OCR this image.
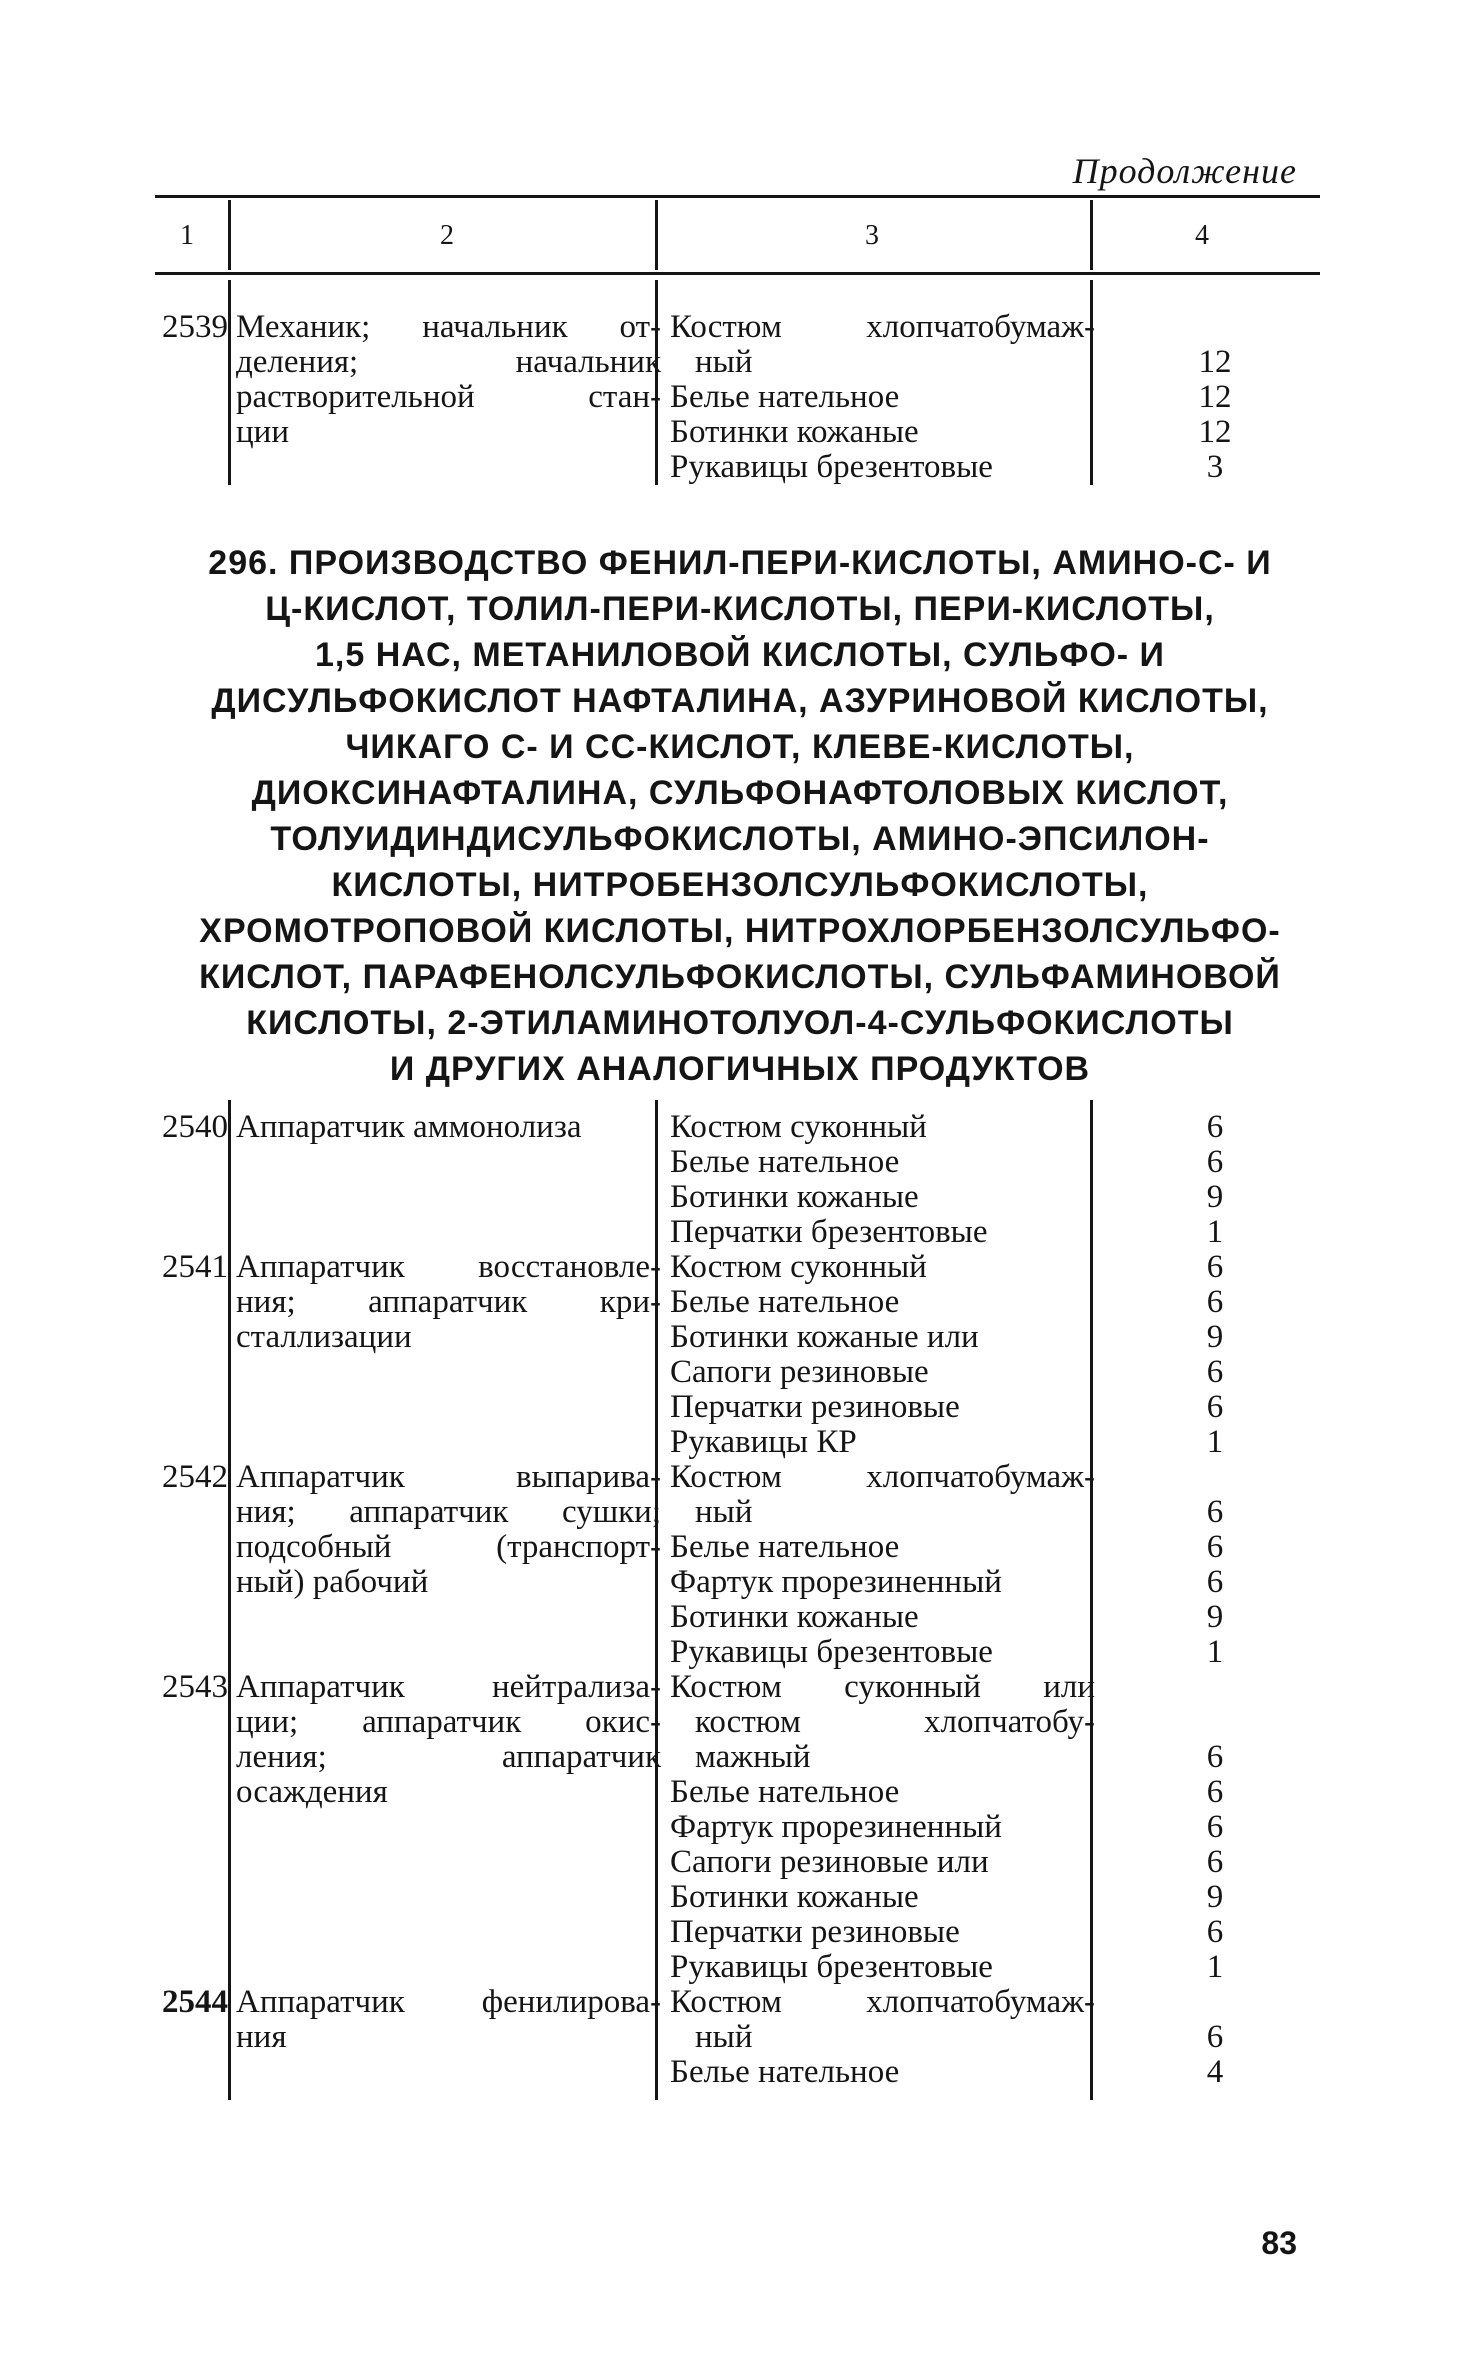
Продолжение
1	2	3	4
2539 Механик; начальник от-
деления; начальник
растворительной стан-
ции
Костюм хлопчатобумаж-
ный	12
Белье нательное	12
Ботинки кожаные	12
Рукавицы брезентовые	3
296. ПРОИЗВОДСТВО ФЕНИЛ-ПЕРИ-КИСЛОТЫ, АМИНО-С- И
Ц-КИСЛОТ, ТОЛИЛ-ПЕРИ-КИСЛОТЫ, ПЕРИ-КИСЛОТЫ,
1,5 НАС, МЕТАНИЛОВОЙ КИСЛОТЫ, СУЛЬФО- И
ДИСУЛЬФОКИСЛОТ НАФТАЛИНА, АЗУРИНОВОЙ КИСЛОТЫ,
ЧИКАГО С- И СС-КИСЛОТ, КЛЕВЕ-КИСЛОТЫ,
ДИОКСИНАФТАЛИНА, СУЛЬФОНАФТОЛОВЫХ КИСЛОТ,
ТОЛУИДИНДИСУЛЬФОКИСЛОТЫ, АМИНО-ЭПСИЛОН-
КИСЛОТЫ, НИТРОБЕНЗОЛСУЛЬФОКИСЛОТЫ,
ХРОМОТРОПОВОЙ КИСЛОТЫ, НИТРОХЛОРБЕНЗОЛСУЛЬФО-
КИСЛОТ, ПАРАФЕНОЛСУЛЬФОКИСЛОТЫ, СУЛЬФАМИНОВОЙ
КИСЛОТЫ, 2-ЭТИЛАМИНОТОЛУОЛ-4-СУЛЬФОКИСЛОТЫ
И ДРУГИХ АНАЛОГИЧНЫХ ПРОДУКТОВ
2540 Аппаратчик аммонолиза	Костюм суконный	6
Белье нательное	6
Ботинки кожаные	9
Перчатки брезентовые	1
2541 Аппаратчик восстановле-
ния; аппаратчик кри-
сталлизации
Костюм суконный	6
Белье нательное	6
Ботинки кожаные или	9
Сапоги резиновые	6
Перчатки резиновые	6
Рукавицы КР	1
2542 Аппаратчик выпарива-
ния; аппаратчик сушки;
подсобный (транспорт-
ный) рабочий
Костюм хлопчатобумаж-
ный	6
Белье нательное	6
Фартук прорезиненный	6
Ботинки кожаные	9
Рукавицы брезентовые	1
2543 Аппаратчик нейтрализа-
ции; аппаратчик окис-
ления; аппаратчик
осаждения
Костюм суконный или
костюм хлопчатобу-
мажный	6
Белье нательное	6
Фартук прорезиненный	6
Сапоги резиновые или	6
Ботинки кожаные	9
Перчатки резиновые	6
Рукавицы брезентовые	1
2544 Аппаратчик фенилирова-
ния
Костюм хлопчатобумаж-
ный	6
Белье нательное	4
83
